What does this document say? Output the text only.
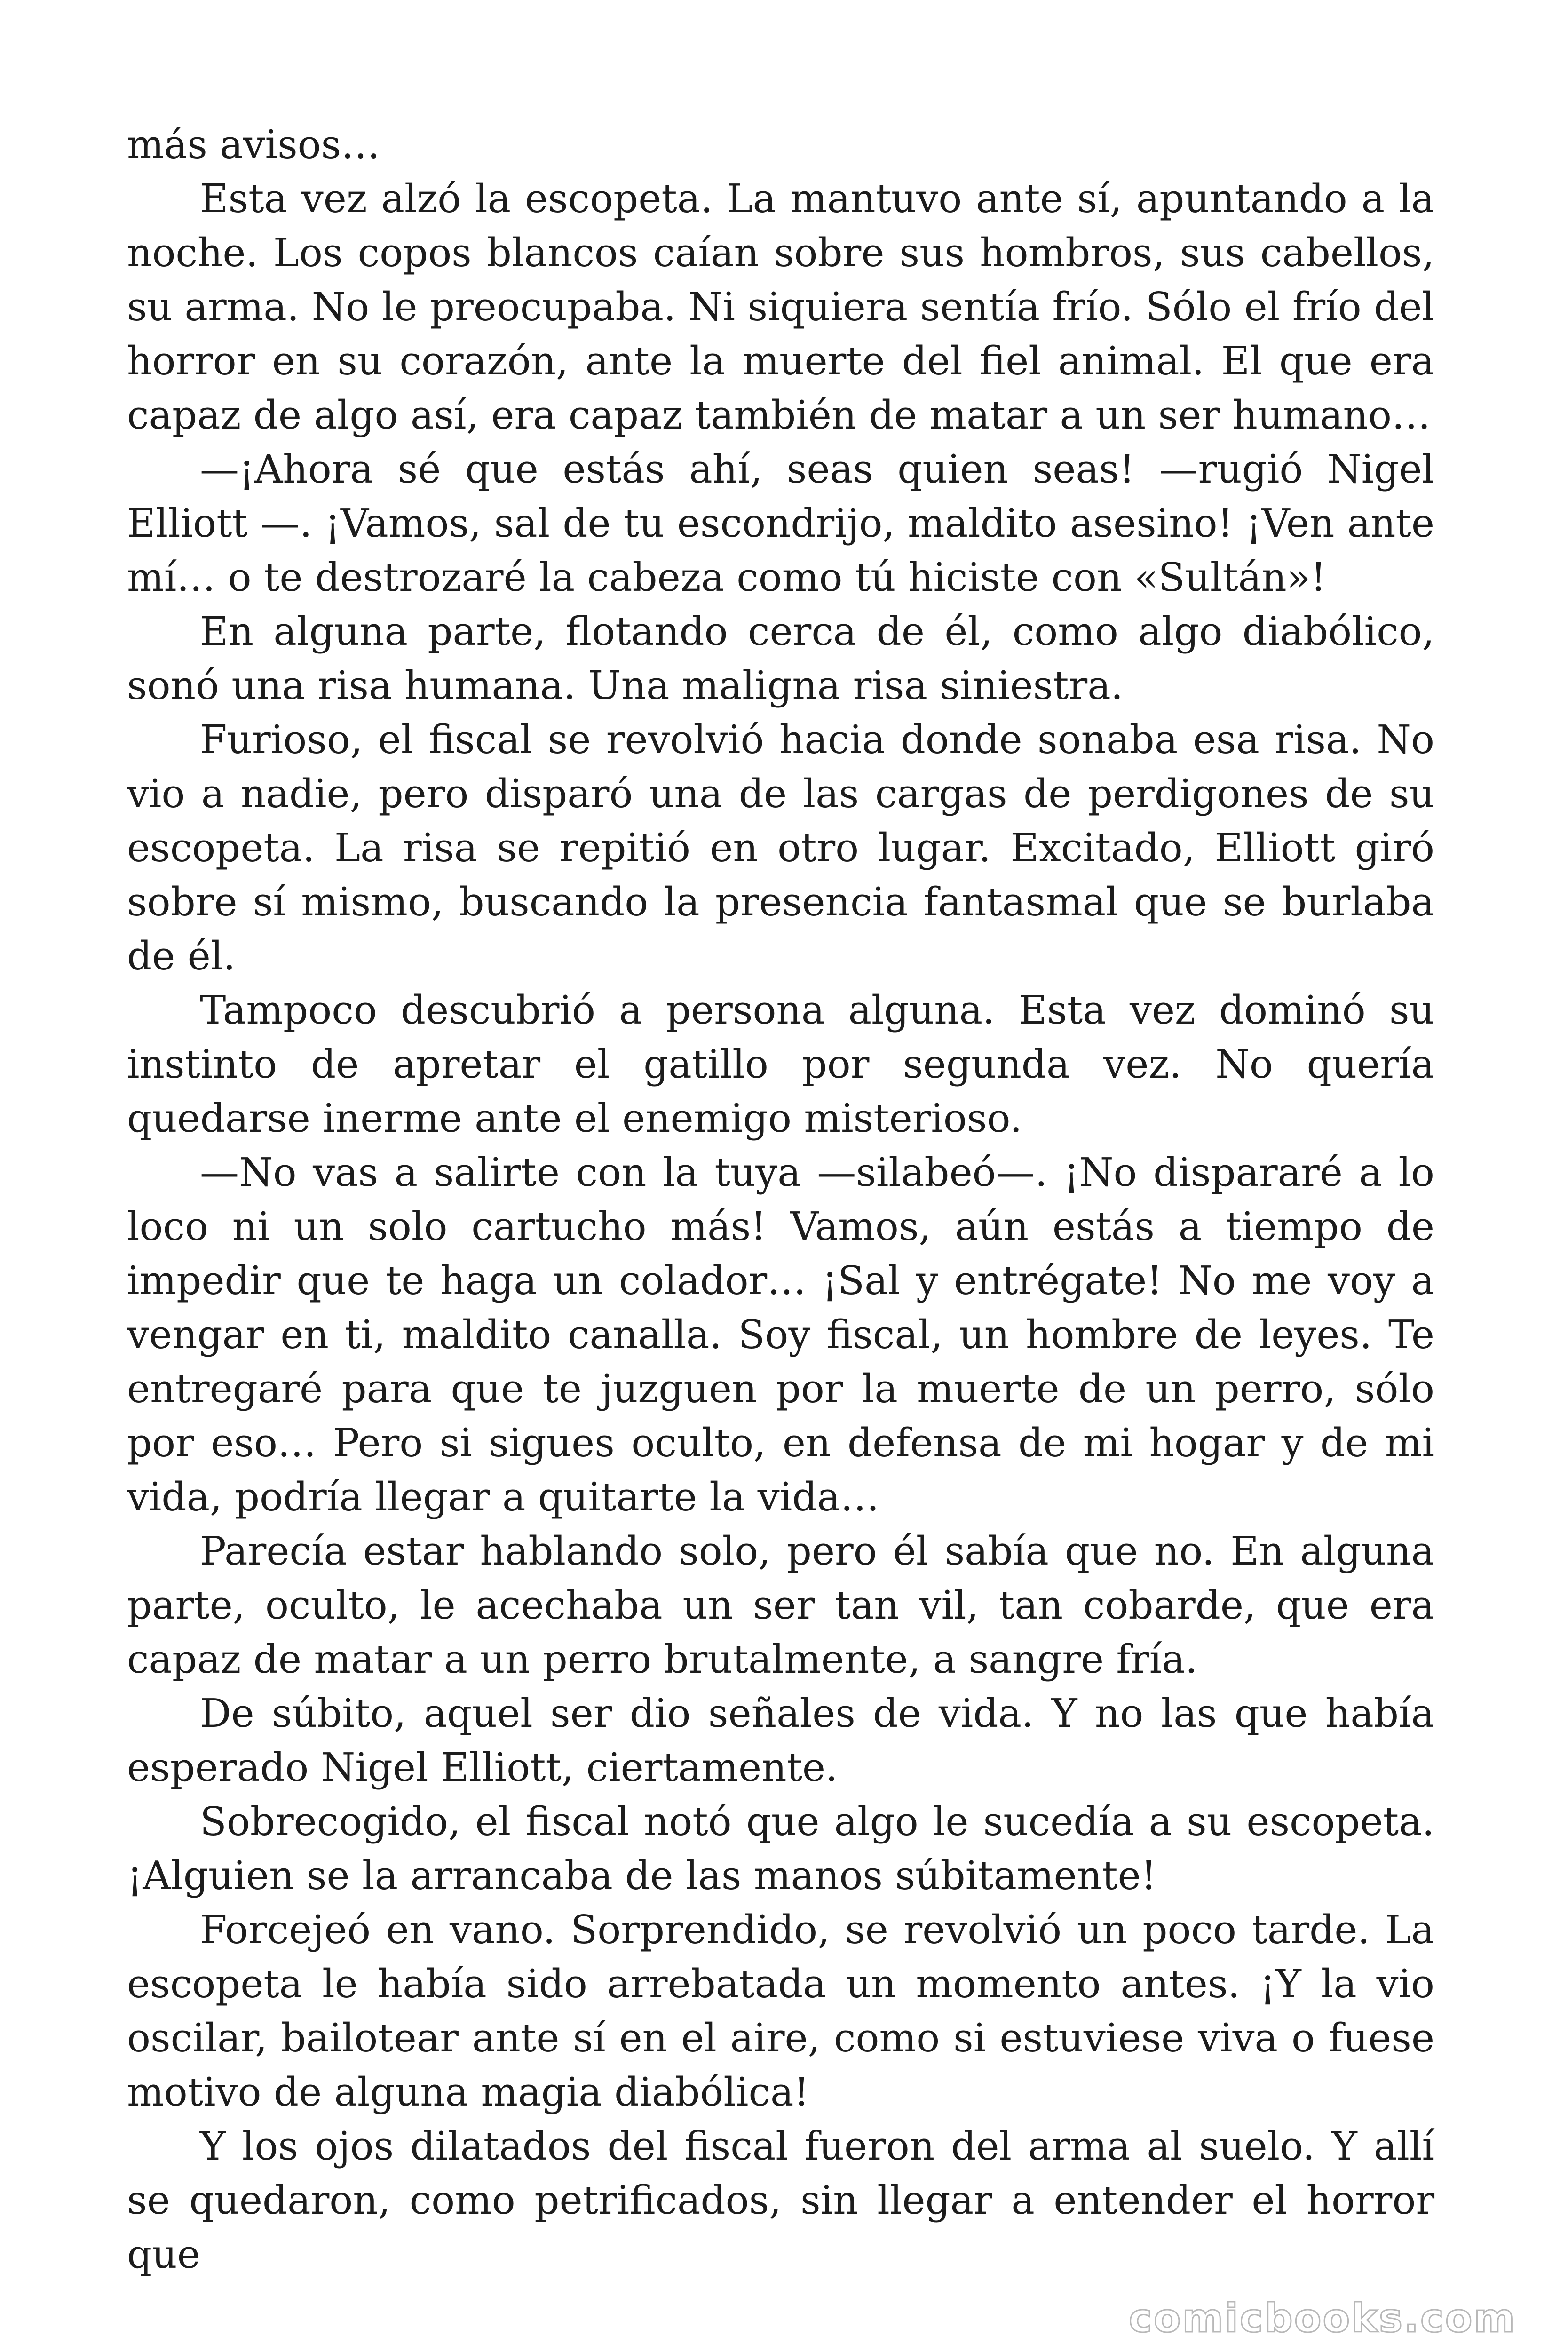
más avisos…

Esta vez alzó la escopeta. La mantuvo ante sí, apuntando a la noche. Los copos blancos caían sobre sus hombros, sus cabellos, su arma. No le preocupaba. Ni siquiera sentía frío. Sólo el frío del horror en su corazón, ante la muerte del fiel animal. El que era capaz de algo así, era capaz también de matar a un ser humano…

—¡Ahora sé que estás ahí, seas quien seas! —rugió Nigel Elliott —. ¡Vamos, sal de tu escondrijo, maldito asesino! ¡Ven ante mí… o te destrozaré la cabeza como tú hiciste con «Sultán»!

En alguna parte, flotando cerca de él, como algo diabólico, sonó una risa humana. Una maligna risa siniestra.

Furioso, el fiscal se revolvió hacia donde sonaba esa risa. No vio a nadie, pero disparó una de las cargas de perdigones de su escopeta. La risa se repitió en otro lugar. Excitado, Elliott giró sobre sí mismo, buscando la presencia fantasmal que se burlaba de él.

Tampoco descubrió a persona alguna. Esta vez dominó su instinto de apretar el gatillo por segunda vez. No quería quedarse inerme ante el enemigo misterioso.

—No vas a salirte con la tuya —silabeó—. ¡No dispararé a lo loco ni un solo cartucho más! Vamos, aún estás a tiempo de impedir que te haga un colador… ¡Sal y entrégate! No me voy a vengar en ti, maldito canalla. Soy fiscal, un hombre de leyes. Te entregaré para que te juzguen por la muerte de un perro, sólo por eso… Pero si sigues oculto, en defensa de mi hogar y de mi vida, podría llegar a quitarte la vida…

Parecía estar hablando solo, pero él sabía que no. En alguna parte, oculto, le acechaba un ser tan vil, tan cobarde, que era capaz de matar a un perro brutalmente, a sangre fría.

De súbito, aquel ser dio señales de vida. Y no las que había esperado Nigel Elliott, ciertamente.

Sobrecogido, el fiscal notó que algo le sucedía a su escopeta. ¡Alguien se la arrancaba de las manos súbitamente!

Forcejeó en vano. Sorprendido, se revolvió un poco tarde. La escopeta le había sido arrebatada un momento antes. ¡Y la vio oscilar, bailotear ante sí en el aire, como si estuviese viva o fuese motivo de alguna magia diabólica!

Y los ojos dilatados del fiscal fueron del arma al suelo. Y allí se quedaron, como petrificados, sin llegar a entender el horror que

comicbooks.com
